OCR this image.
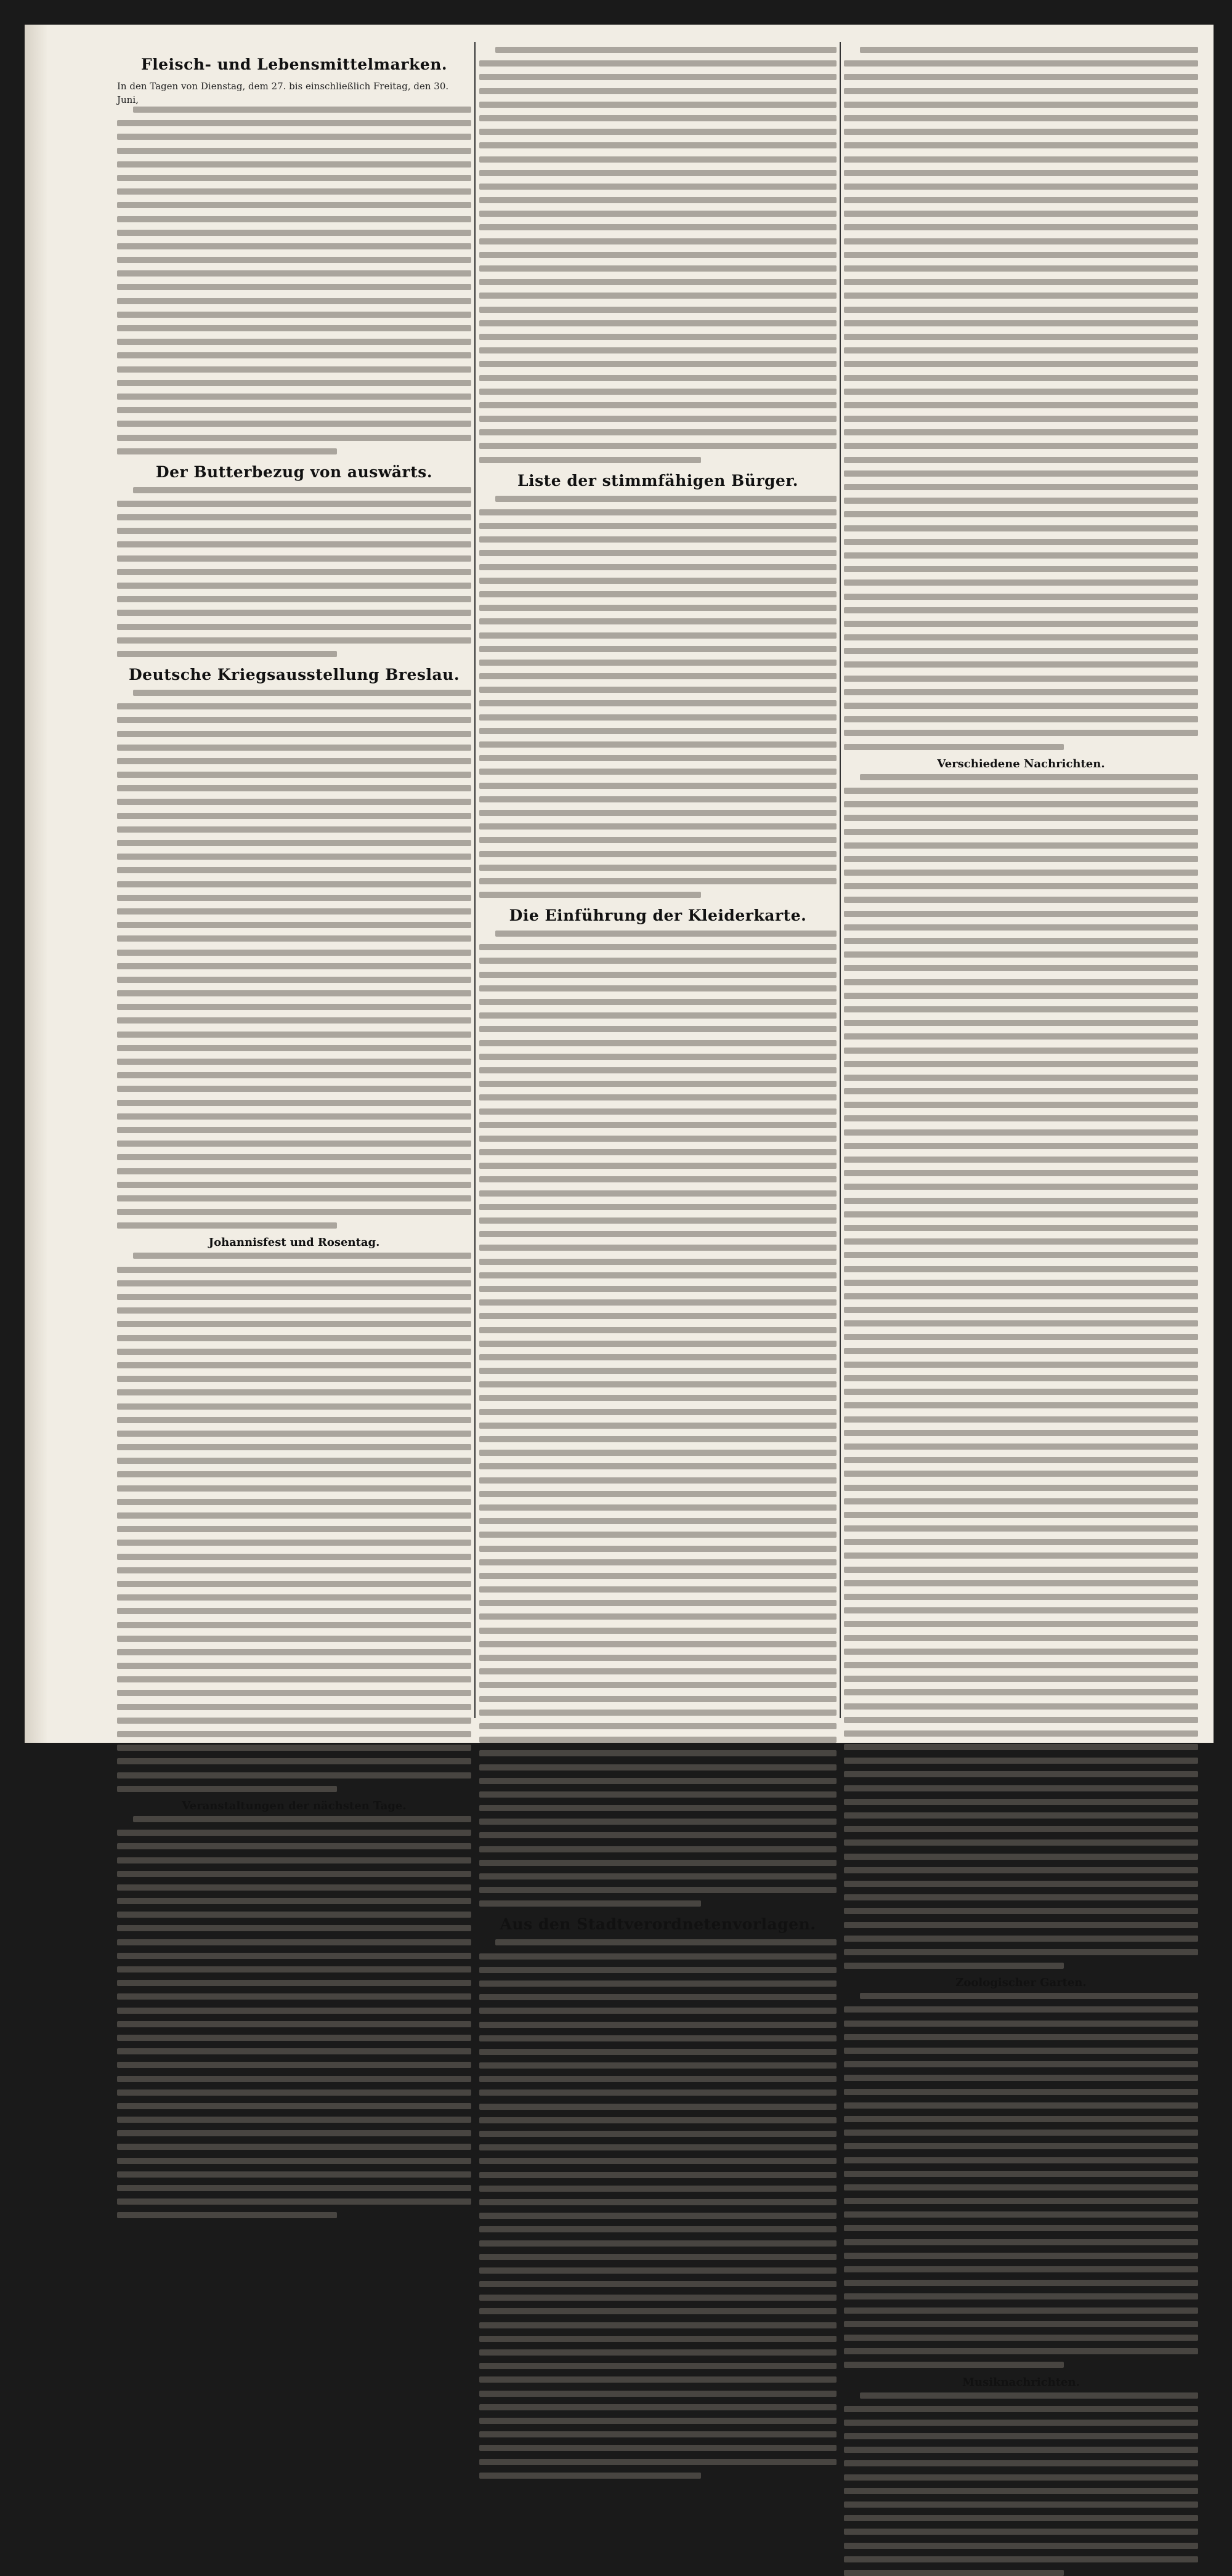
Fleisch- und Lebensmittelmarken.
In den Tagen von Dienstag, dem 27. bis einschließlich Freitag, den 30. Juni,
Der Butterbezug von auswärts.
Deutsche Kriegsausstellung Breslau.
Johannisfest und Rosentag.
Veranstaltungen der nächsten Tage.
Liste der stimmfähigen Bürger.
Die Einführung der Kleiderkarte.
Aus den Stadtverordnetenvorlagen.
Verschiedene Nachrichten.
Zoologischer Garten.
Musiknachrichten.
